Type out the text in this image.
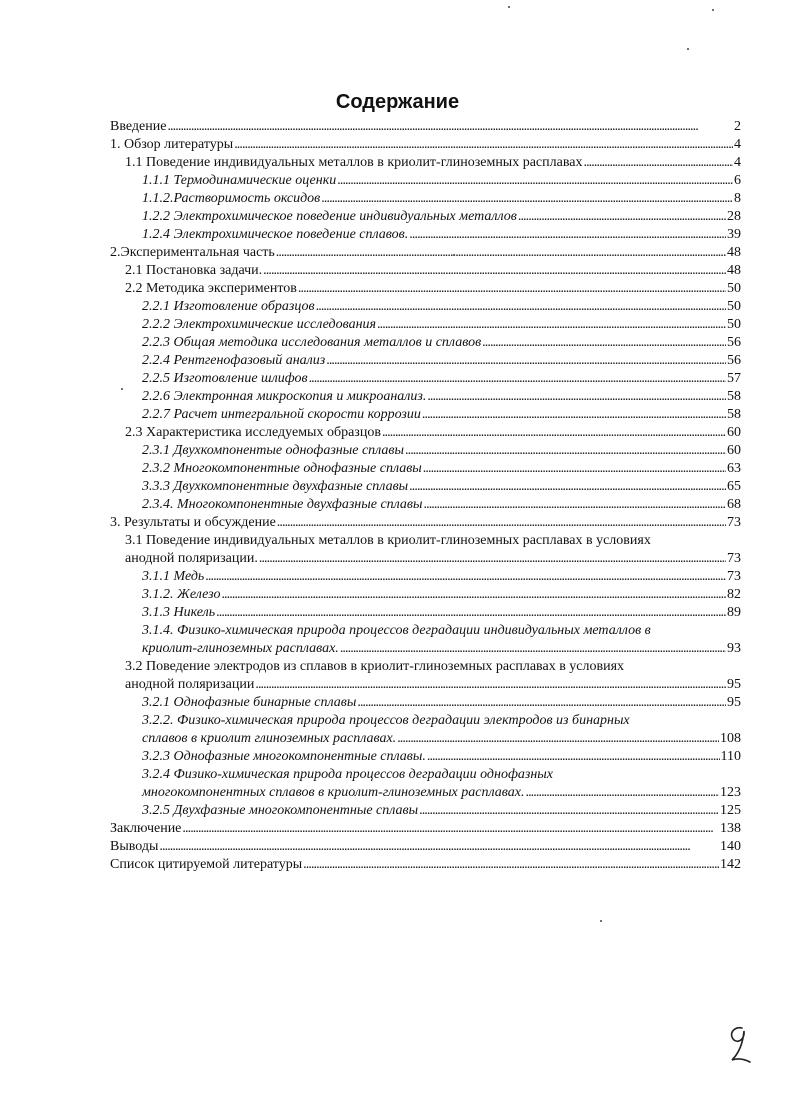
Содержание
Введение . . .	2
1. Обзор литературы . . .	4
1.1 Поведение индивидуальных металлов в криолит-глиноземных расплавах . . .	4
1.1.1 Термодинамические оценки . . .	6
1.1.2.Растворимость оксидов . . .	8
1.2.2 Электрохимическое поведение индивидуальных металлов . . .	28
1.2.4 Электрохимическое поведение сплавов. . . .	39
2.Экспериментальная часть . . .	48
2.1 Постановка задачи. . . .	48
2.2 Методика экспериментов . . .	50
2.2.1 Изготовление образцов . . .	50
2.2.2 Электрохимические исследования . . .	50
2.2.3 Общая методика исследования металлов и сплавов . . .	56
2.2.4 Рентгенофазовый анализ . . .	56
2.2.5 Изготовление шлифов . . .	57
2.2.6 Электронная микроскопия и микроанализ. . . .	58
2.2.7 Расчет интегральной скорости коррозии . . .	58
2.3 Характеристика исследуемых образцов . . .	60
2.3.1 Двухкомпонентые однофазные сплавы . . .	60
2.3.2 Многокомпонентные однофазные сплавы . . .	63
3.3.3 Двухкомпонентные двухфазные сплавы . . .	65
2.3.4. Многокомпонентные двухфазные сплавы . . .	68
3. Результаты и обсуждение . . .	73
3.1 Поведение индивидуальных металлов в криолит-глиноземных расплавах в условиях
анодной поляризации. . . .	73
3.1.1 Медь . . .	73
3.1.2. Железо . . .	82
3.1.3 Никель . . .	89
3.1.4. Физико-химическая природа процессов деградации индивидуальных металлов в
криолит-глиноземных расплавах. . . .	93
3.2 Поведение электродов из сплавов в криолит-глиноземных расплавах в условиях
анодной поляризации . . .	95
3.2.1 Однофазные бинарные сплавы . . .	95
3.2.2. Физико-химическая природа процессов деградации электродов из бинарных
сплавов в криолит глиноземных расплавах. . . .	108
3.2.3 Однофазные многокомпонентные сплавы. . . .	110
3.2.4 Физико-химическая природа процессов деградации однофазных
многокомпонентных сплавов в криолит-глиноземных расплавах. . . .	123
3.2.5 Двухфазные многокомпонентные сплавы . . .	125
Заключение . . .	138
Выводы . . .	140
Список цитируемой литературы . . .	142
